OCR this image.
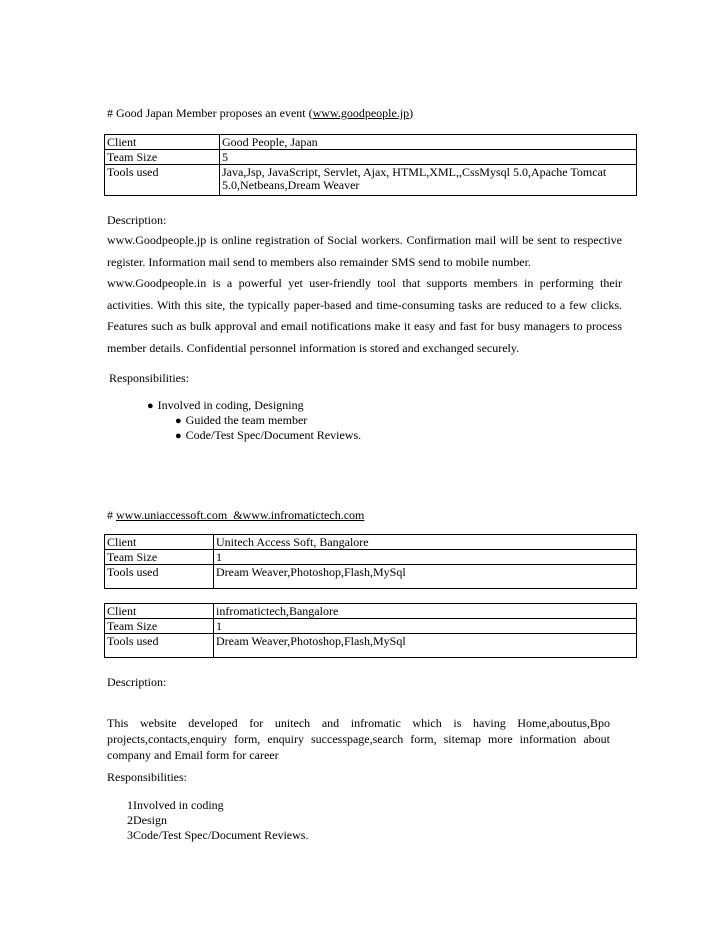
# Good Japan Member proposes an event (www.goodpeople.jp)
Client	Good People, Japan
Team Size	5
Tools used	Java,Jsp, JavaScript, Servlet, Ajax, HTML,XML,,CssMysql 5.0,Apache Tomcat 5.0,Netbeans,Dream Weaver
Description:

www.Goodpeople.jp is online registration of Social workers. Confirmation mail will be sent to respective register. Information mail send to members also remainder SMS send to mobile number.

www.Goodpeople.in is a powerful yet user-friendly tool that supports members in performing their activities. With this site, the typically paper-based and time-consuming tasks are reduced to a few clicks. Features such as bulk approval and email notifications make it easy and fast for busy managers to process member details. Confidential personnel information is stored and exchanged securely.

Responsibilities:
● Involved in coding, Designing
● Guided the team member
● Code/Test Spec/Document Reviews.
# www.uniaccessoft.com  &www.infromatictech.com
Client	Unitech Access Soft, Bangalore
Team Size	1
Tools used	Dream Weaver,Photoshop,Flash,MySql
Client	infromatictech,Bangalore
Team Size	1
Tools used	Dream Weaver,Photoshop,Flash,MySql
Description:
This website developed for unitech and infromatic which is having Home,aboutus,Bpo projects,contacts,enquiry form, enquiry successpage,search form, sitemap more information about company and Email form for career
Responsibilities:
1Involved in coding
2Design
3Code/Test Spec/Document Reviews.
